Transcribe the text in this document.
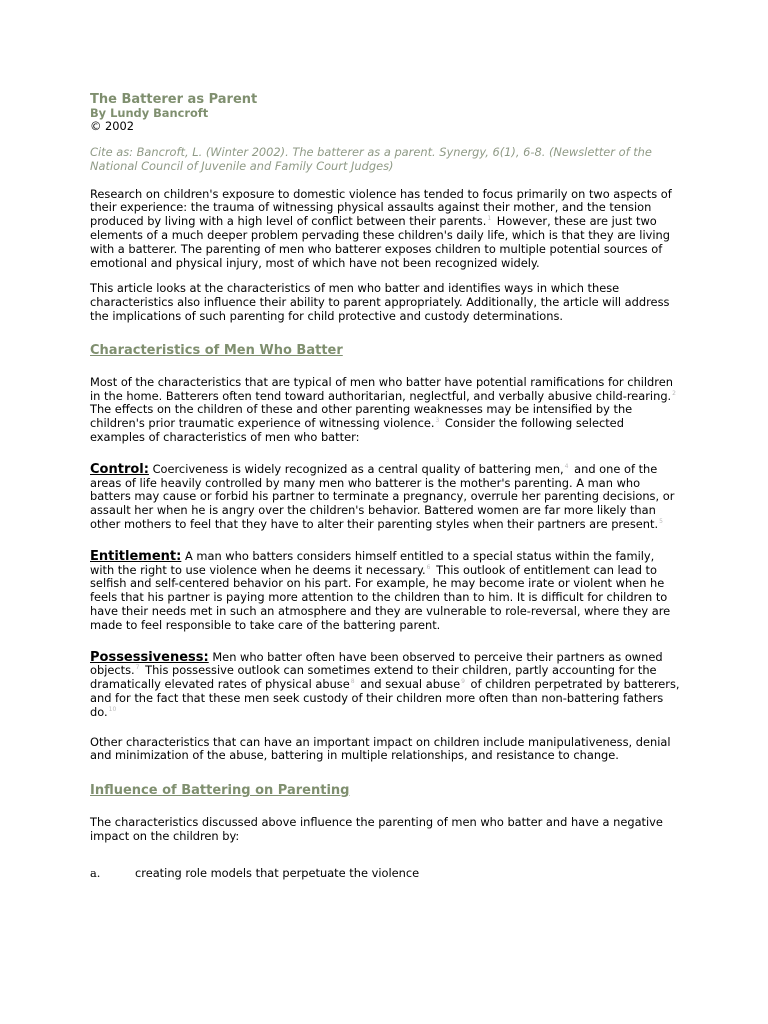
The Batterer as Parent
By Lundy Bancroft
© 2002

Cite as: Bancroft, L. (Winter 2002). The batterer as a parent. Synergy, 6(1), 6-8. (Newsletter of the National Council of Juvenile and Family Court Judges)

Research on children's exposure to domestic violence has tended to focus primarily on two aspects of their experience: the trauma of witnessing physical assaults against their mother, and the tension produced by living with a high level of conflict between their parents.$^1$ However, these are just two elements of a much deeper problem pervading these children's daily life, which is that they are living with a batterer. The parenting of men who batterer exposes children to multiple potential sources of emotional and physical injury, most of which have not been recognized widely.

This article looks at the characteristics of men who batter and identifies ways in which these characteristics also influence their ability to parent appropriately. Additionally, the article will address the implications of such parenting for child protective and custody determinations.

Characteristics of Men Who Batter

Most of the characteristics that are typical of men who batter have potential ramifications for children in the home. Batterers often tend toward authoritarian, neglectful, and verbally abusive child-rearing.$^2$ The effects on the children of these and other parenting weaknesses may be intensified by the children's prior traumatic experience of witnessing violence.$^3$ Consider the following selected examples of characteristics of men who batter:

Control: Coerciveness is widely recognized as a central quality of battering men,$^4$ and one of the areas of life heavily controlled by many men who batterer is the mother's parenting. A man who batters may cause or forbid his partner to terminate a pregnancy, overrule her parenting decisions, or assault her when he is angry over the children's behavior. Battered women are far more likely than other mothers to feel that they have to alter their parenting styles when their partners are present.$^5$

Entitlement: A man who batters considers himself entitled to a special status within the family, with the right to use violence when he deems it necessary.$^6$ This outlook of entitlement can lead to selfish and self-centered behavior on his part. For example, he may become irate or violent when he feels that his partner is paying more attention to the children than to him. It is difficult for children to have their needs met in such an atmosphere and they are vulnerable to role-reversal, where they are made to feel responsible to take care of the battering parent.

Possessiveness: Men who batter often have been observed to perceive their partners as owned objects.$^7$ This possessive outlook can sometimes extend to their children, partly accounting for the dramatically elevated rates of physical abuse$^8$ and sexual abuse$^9$ of children perpetrated by batterers, and for the fact that these men seek custody of their children more often than non-battering fathers do.$^{10}$

Other characteristics that can have an important impact on children include manipulativeness, denial and minimization of the abuse, battering in multiple relationships, and resistance to change.

Influence of Battering on Parenting

The characteristics discussed above influence the parenting of men who batter and have a negative impact on the children by:

a.	creating role models that perpetuate the violence
